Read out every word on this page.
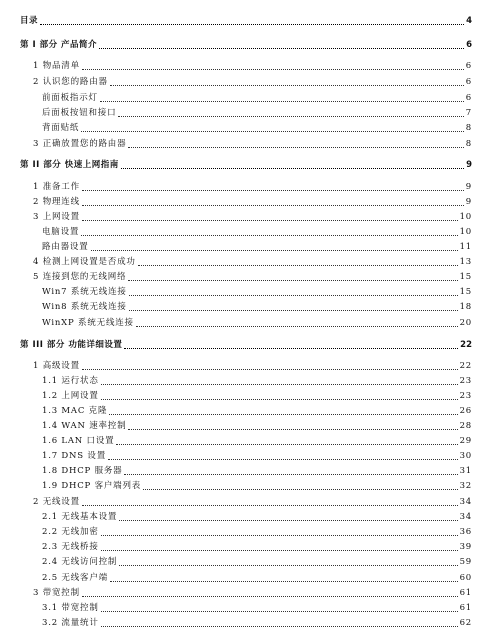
目录	4
第 I 部分 产品简介	6
1 物品清单	6
2 认识您的路由器	6
前面板指示灯	6
后面板按钮和接口	7
背面贴纸	8
3 正确放置您的路由器	8
第 II 部分 快速上网指南	9
1 准备工作	9
2 物理连线	9
3 上网设置	10
电脑设置	10
路由器设置	11
4 检测上网设置是否成功	13
5 连接到您的无线网络	15
Win7 系统无线连接	15
Win8 系统无线连接	18
WinXP 系统无线连接	20
第 III 部分 功能详细设置	22
1 高级设置	22
1.1 运行状态	23
1.2 上网设置	23
1.3 MAC 克隆	26
1.4 WAN 速率控制	28
1.6 LAN 口设置	29
1.7 DNS 设置	30
1.8 DHCP 服务器	31
1.9 DHCP 客户端列表	32
2 无线设置	34
2.1 无线基本设置	34
2.2 无线加密	36
2.3 无线桥接	39
2.4 无线访问控制	59
2.5 无线客户端	60
3 带宽控制	61
3.1 带宽控制	61
3.2 流量统计	62
